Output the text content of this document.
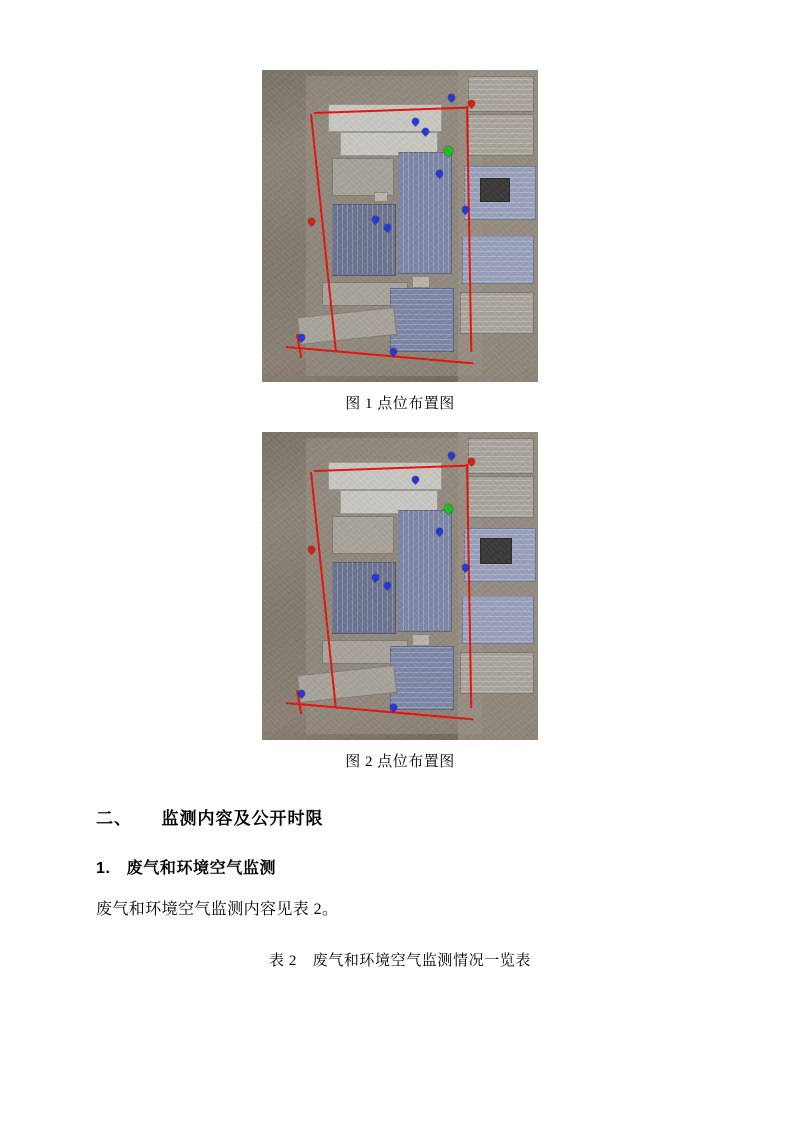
图 1 点位布置图
图 2 点位布置图
二、 监测内容及公开时限
1. 废气和环境空气监测

废气和环境空气监测内容见表 2。

表 2　废气和环境空气监测情况一览表
